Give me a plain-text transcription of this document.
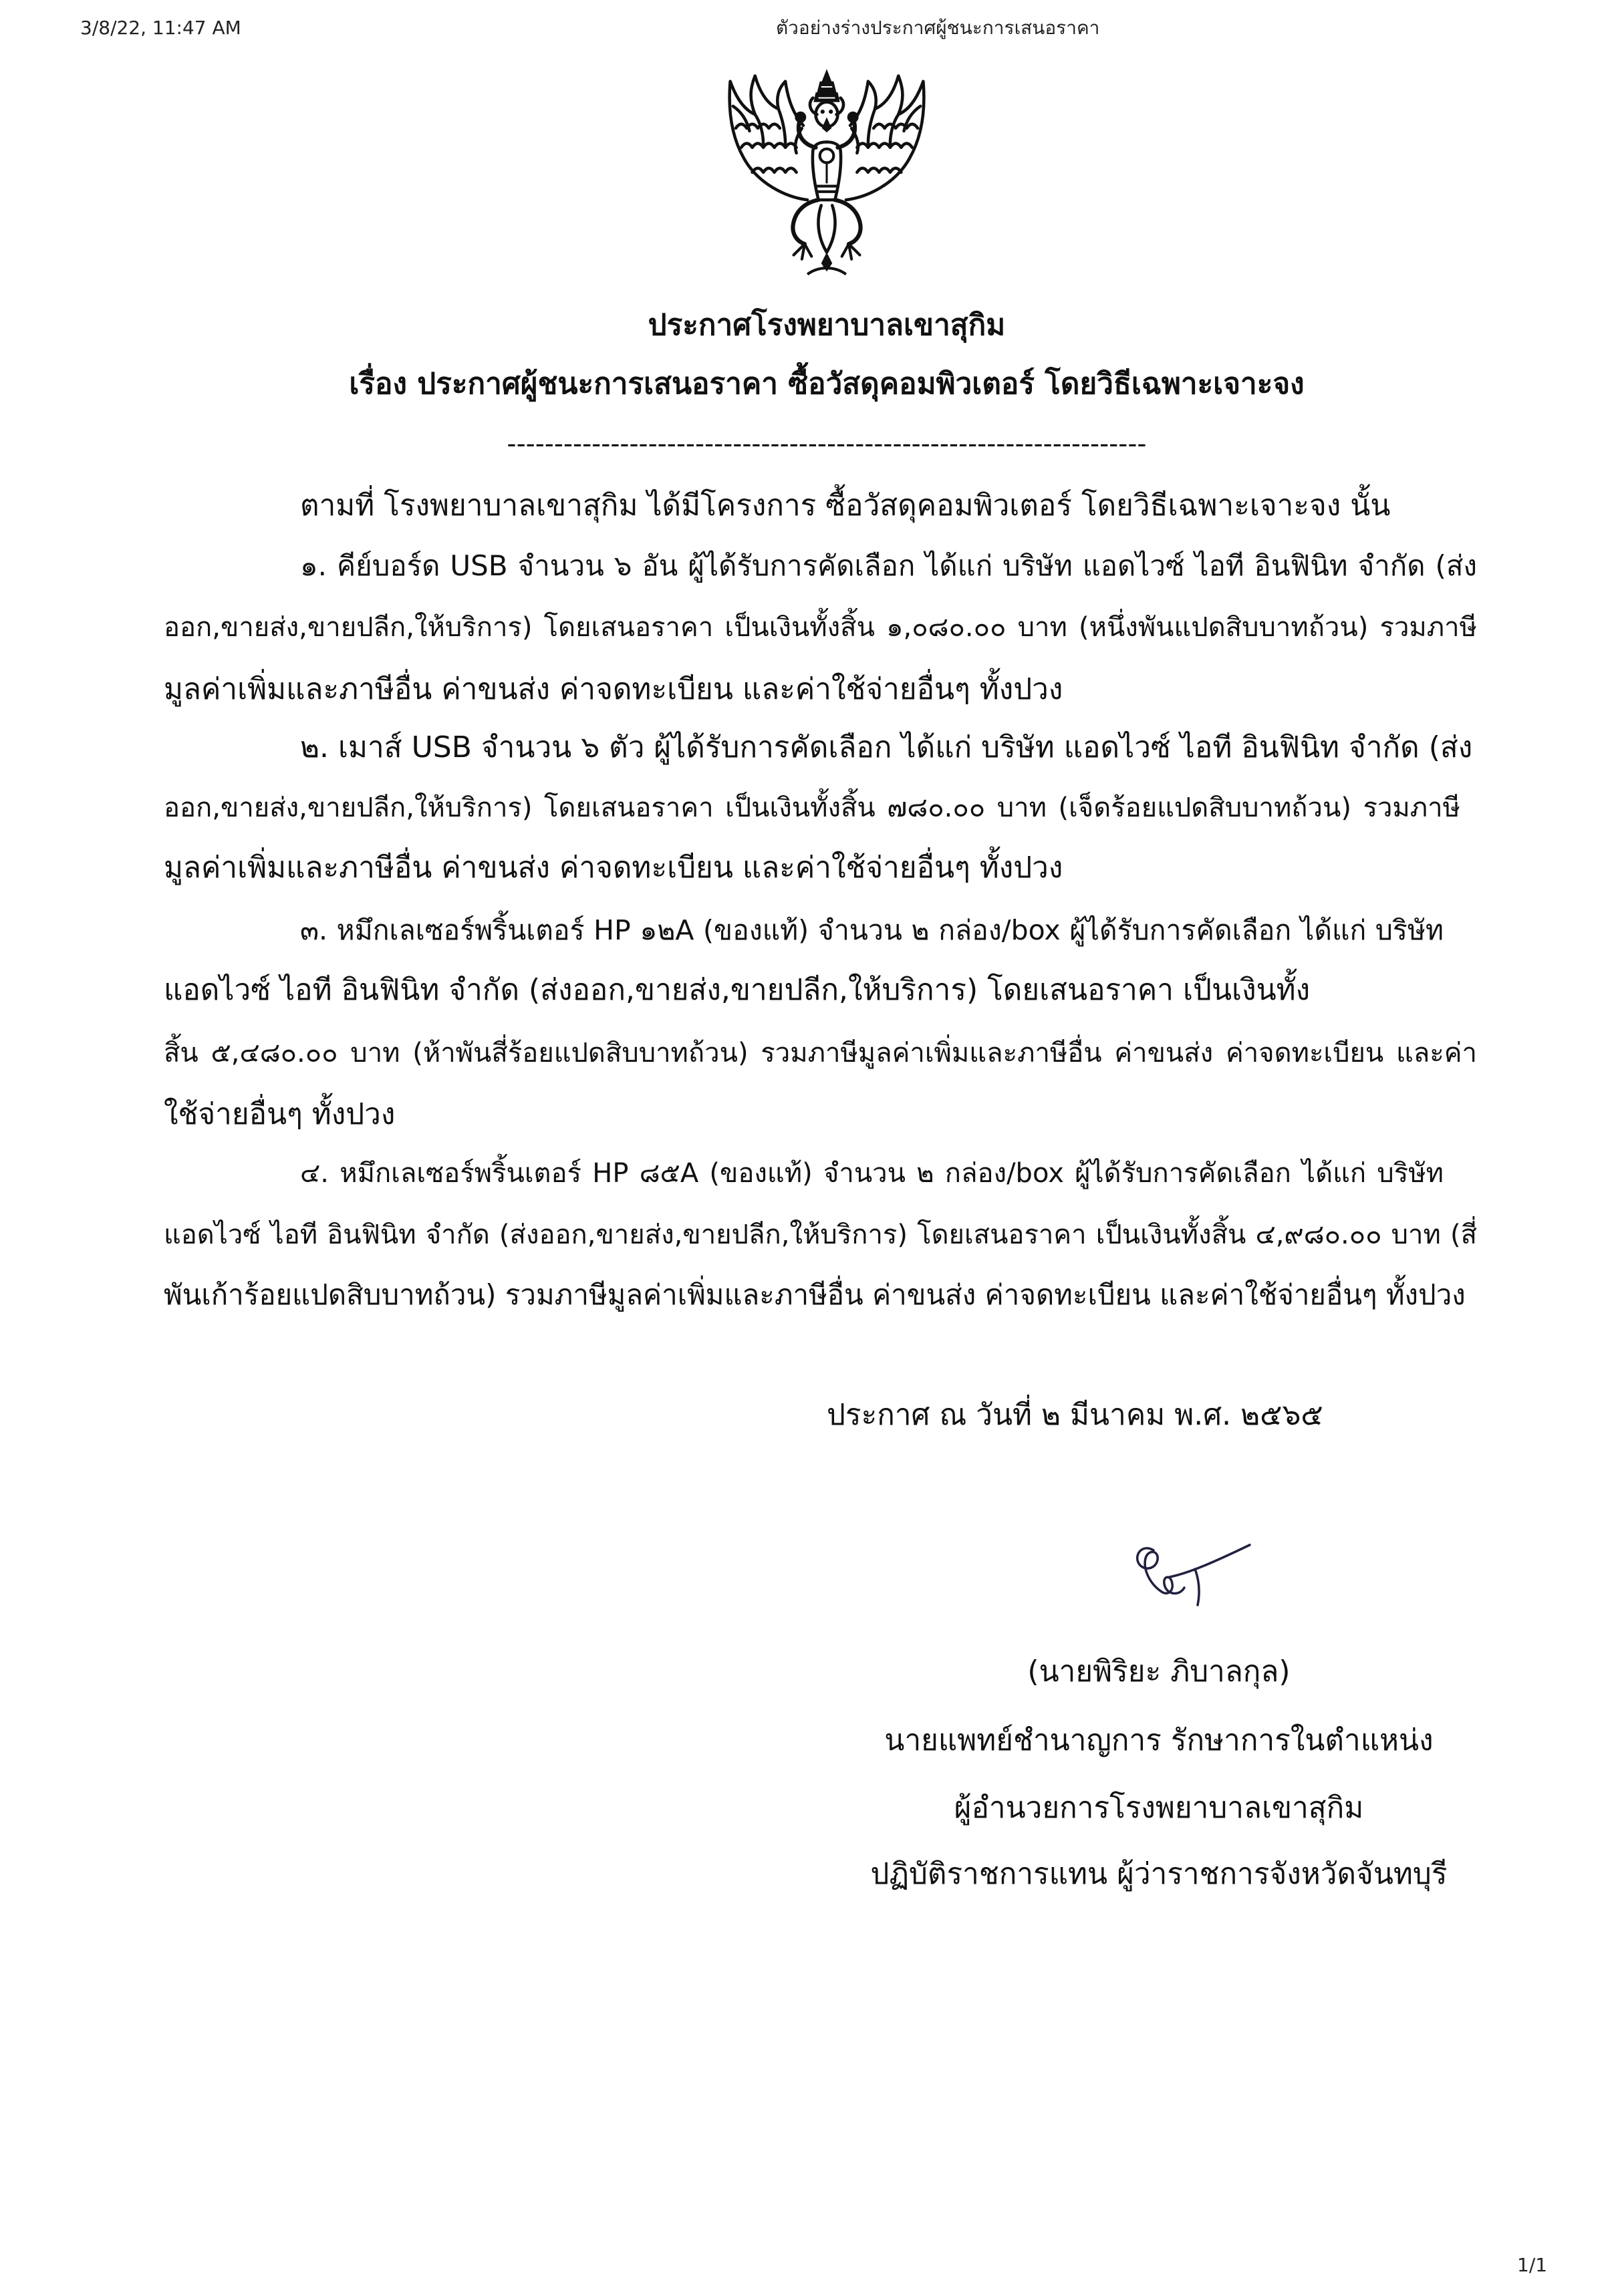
3/8/22, 11:47 AM	ตัวอย่างร่างประกาศผู้ชนะการเสนอราคา
ประกาศโรงพยาบาลเขาสุกิม
เรื่อง ประกาศผู้ชนะการเสนอราคา ซื้อวัสดุคอมพิวเตอร์ โดยวิธีเฉพาะเจาะจง
--------------------------------------------------------------------
ตามที่ โรงพยาบาลเขาสุกิม ได้มีโครงการ ซื้อวัสดุคอมพิวเตอร์ โดยวิธีเฉพาะเจาะจง นั้น
๑. คีย์บอร์ด USB จำนวน ๖ อัน ผู้ได้รับการคัดเลือก ได้แก่ บริษัท แอดไวซ์ ไอที อินฟินิท จำกัด (ส่ง
ออก,ขายส่ง,ขายปลีก,ให้บริการ) โดยเสนอราคา เป็นเงินทั้งสิ้น ๑,๐๘๐.๐๐ บาท (หนึ่งพันแปดสิบบาทถ้วน) รวมภาษี
มูลค่าเพิ่มและภาษีอื่น ค่าขนส่ง ค่าจดทะเบียน และค่าใช้จ่ายอื่นๆ ทั้งปวง
๒. เมาส์ USB จำนวน ๖ ตัว ผู้ได้รับการคัดเลือก ได้แก่ บริษัท แอดไวซ์ ไอที อินฟินิท จำกัด (ส่ง
ออก,ขายส่ง,ขายปลีก,ให้บริการ) โดยเสนอราคา เป็นเงินทั้งสิ้น ๗๘๐.๐๐ บาท (เจ็ดร้อยแปดสิบบาทถ้วน) รวมภาษี
มูลค่าเพิ่มและภาษีอื่น ค่าขนส่ง ค่าจดทะเบียน และค่าใช้จ่ายอื่นๆ ทั้งปวง
๓. หมึกเลเซอร์พริ้นเตอร์ HP ๑๒A (ของแท้) จำนวน ๒ กล่อง/box ผู้ได้รับการคัดเลือก ได้แก่ บริษัท
แอดไวซ์ ไอที อินฟินิท จำกัด (ส่งออก,ขายส่ง,ขายปลีก,ให้บริการ) โดยเสนอราคา เป็นเงินทั้ง
สิ้น ๕,๔๘๐.๐๐ บาท (ห้าพันสี่ร้อยแปดสิบบาทถ้วน) รวมภาษีมูลค่าเพิ่มและภาษีอื่น ค่าขนส่ง ค่าจดทะเบียน และค่า
ใช้จ่ายอื่นๆ ทั้งปวง
๔. หมึกเลเซอร์พริ้นเตอร์ HP ๘๕A (ของแท้) จำนวน ๒ กล่อง/box ผู้ได้รับการคัดเลือก ได้แก่ บริษัท
แอดไวซ์ ไอที อินฟินิท จำกัด (ส่งออก,ขายส่ง,ขายปลีก,ให้บริการ) โดยเสนอราคา เป็นเงินทั้งสิ้น ๔,๙๘๐.๐๐ บาท (สี่
พันเก้าร้อยแปดสิบบาทถ้วน) รวมภาษีมูลค่าเพิ่มและภาษีอื่น ค่าขนส่ง ค่าจดทะเบียน และค่าใช้จ่ายอื่นๆ ทั้งปวง
ประกาศ ณ วันที่ ๒ มีนาคม พ.ศ. ๒๕๖๕
(นายพิริยะ ภิบาลกุล)
นายแพทย์ชำนาญการ รักษาการในตำแหน่ง
ผู้อำนวยการโรงพยาบาลเขาสุกิม
ปฏิบัติราชการแทน ผู้ว่าราชการจังหวัดจันทบุรี
1/1
